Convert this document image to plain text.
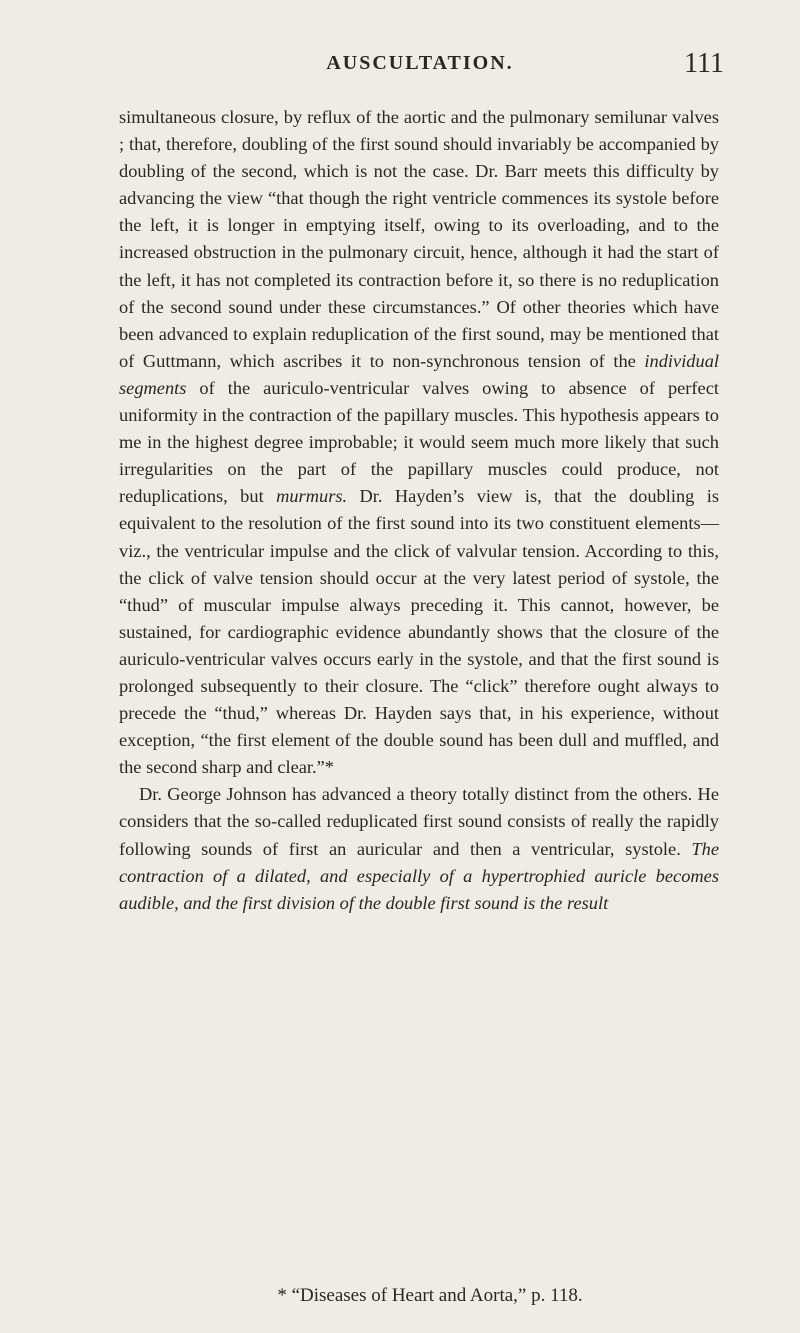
AUSCULTATION.	111

simultaneous closure, by reflux of the aortic and the pulmonary semilunar valves ; that, therefore, doubling of the first sound should invariably be accompanied by doubling of the second, which is not the case. Dr. Barr meets this difficulty by advancing the view “that though the right ventricle commences its systole before the left, it is longer in emptying itself, owing to its overloading, and to the increased obstruction in the pulmonary circuit, hence, although it had the start of the left, it has not completed its contraction before it, so there is no reduplication of the second sound under these circumstances.” Of other theories which have been advanced to explain reduplication of the first sound, may be mentioned that of Guttmann, which ascribes it to non-synchronous tension of the individual segments of the auriculo-ventricular valves owing to absence of perfect uniformity in the contraction of the papillary muscles. This hypothesis appears to me in the highest degree improbable; it would seem much more likely that such irregularities on the part of the papillary muscles could produce, not reduplications, but murmurs. Dr. Hayden’s view is, that the doubling is equivalent to the resolution of the first sound into its two constituent elements—viz., the ventricular impulse and the click of valvular tension. According to this, the click of valve tension should occur at the very latest period of systole, the “thud” of muscular impulse always preceding it. This cannot, however, be sustained, for cardiographic evidence abundantly shows that the closure of the auriculo-ventricular valves occurs early in the systole, and that the first sound is prolonged subsequently to their closure. The “click” therefore ought always to precede the “thud,” whereas Dr. Hayden says that, in his experience, without exception, “the first element of the double sound has been dull and muffled, and the second sharp and clear.”*

Dr. George Johnson has advanced a theory totally distinct from the others. He considers that the so-called reduplicated first sound consists of really the rapidly following sounds of first an auricular and then a ventricular, systole. The contraction of a dilated, and especially of a hypertrophied auricle becomes audible, and the first division of the double first sound is the result

* “Diseases of Heart and Aorta,” p. 118.
